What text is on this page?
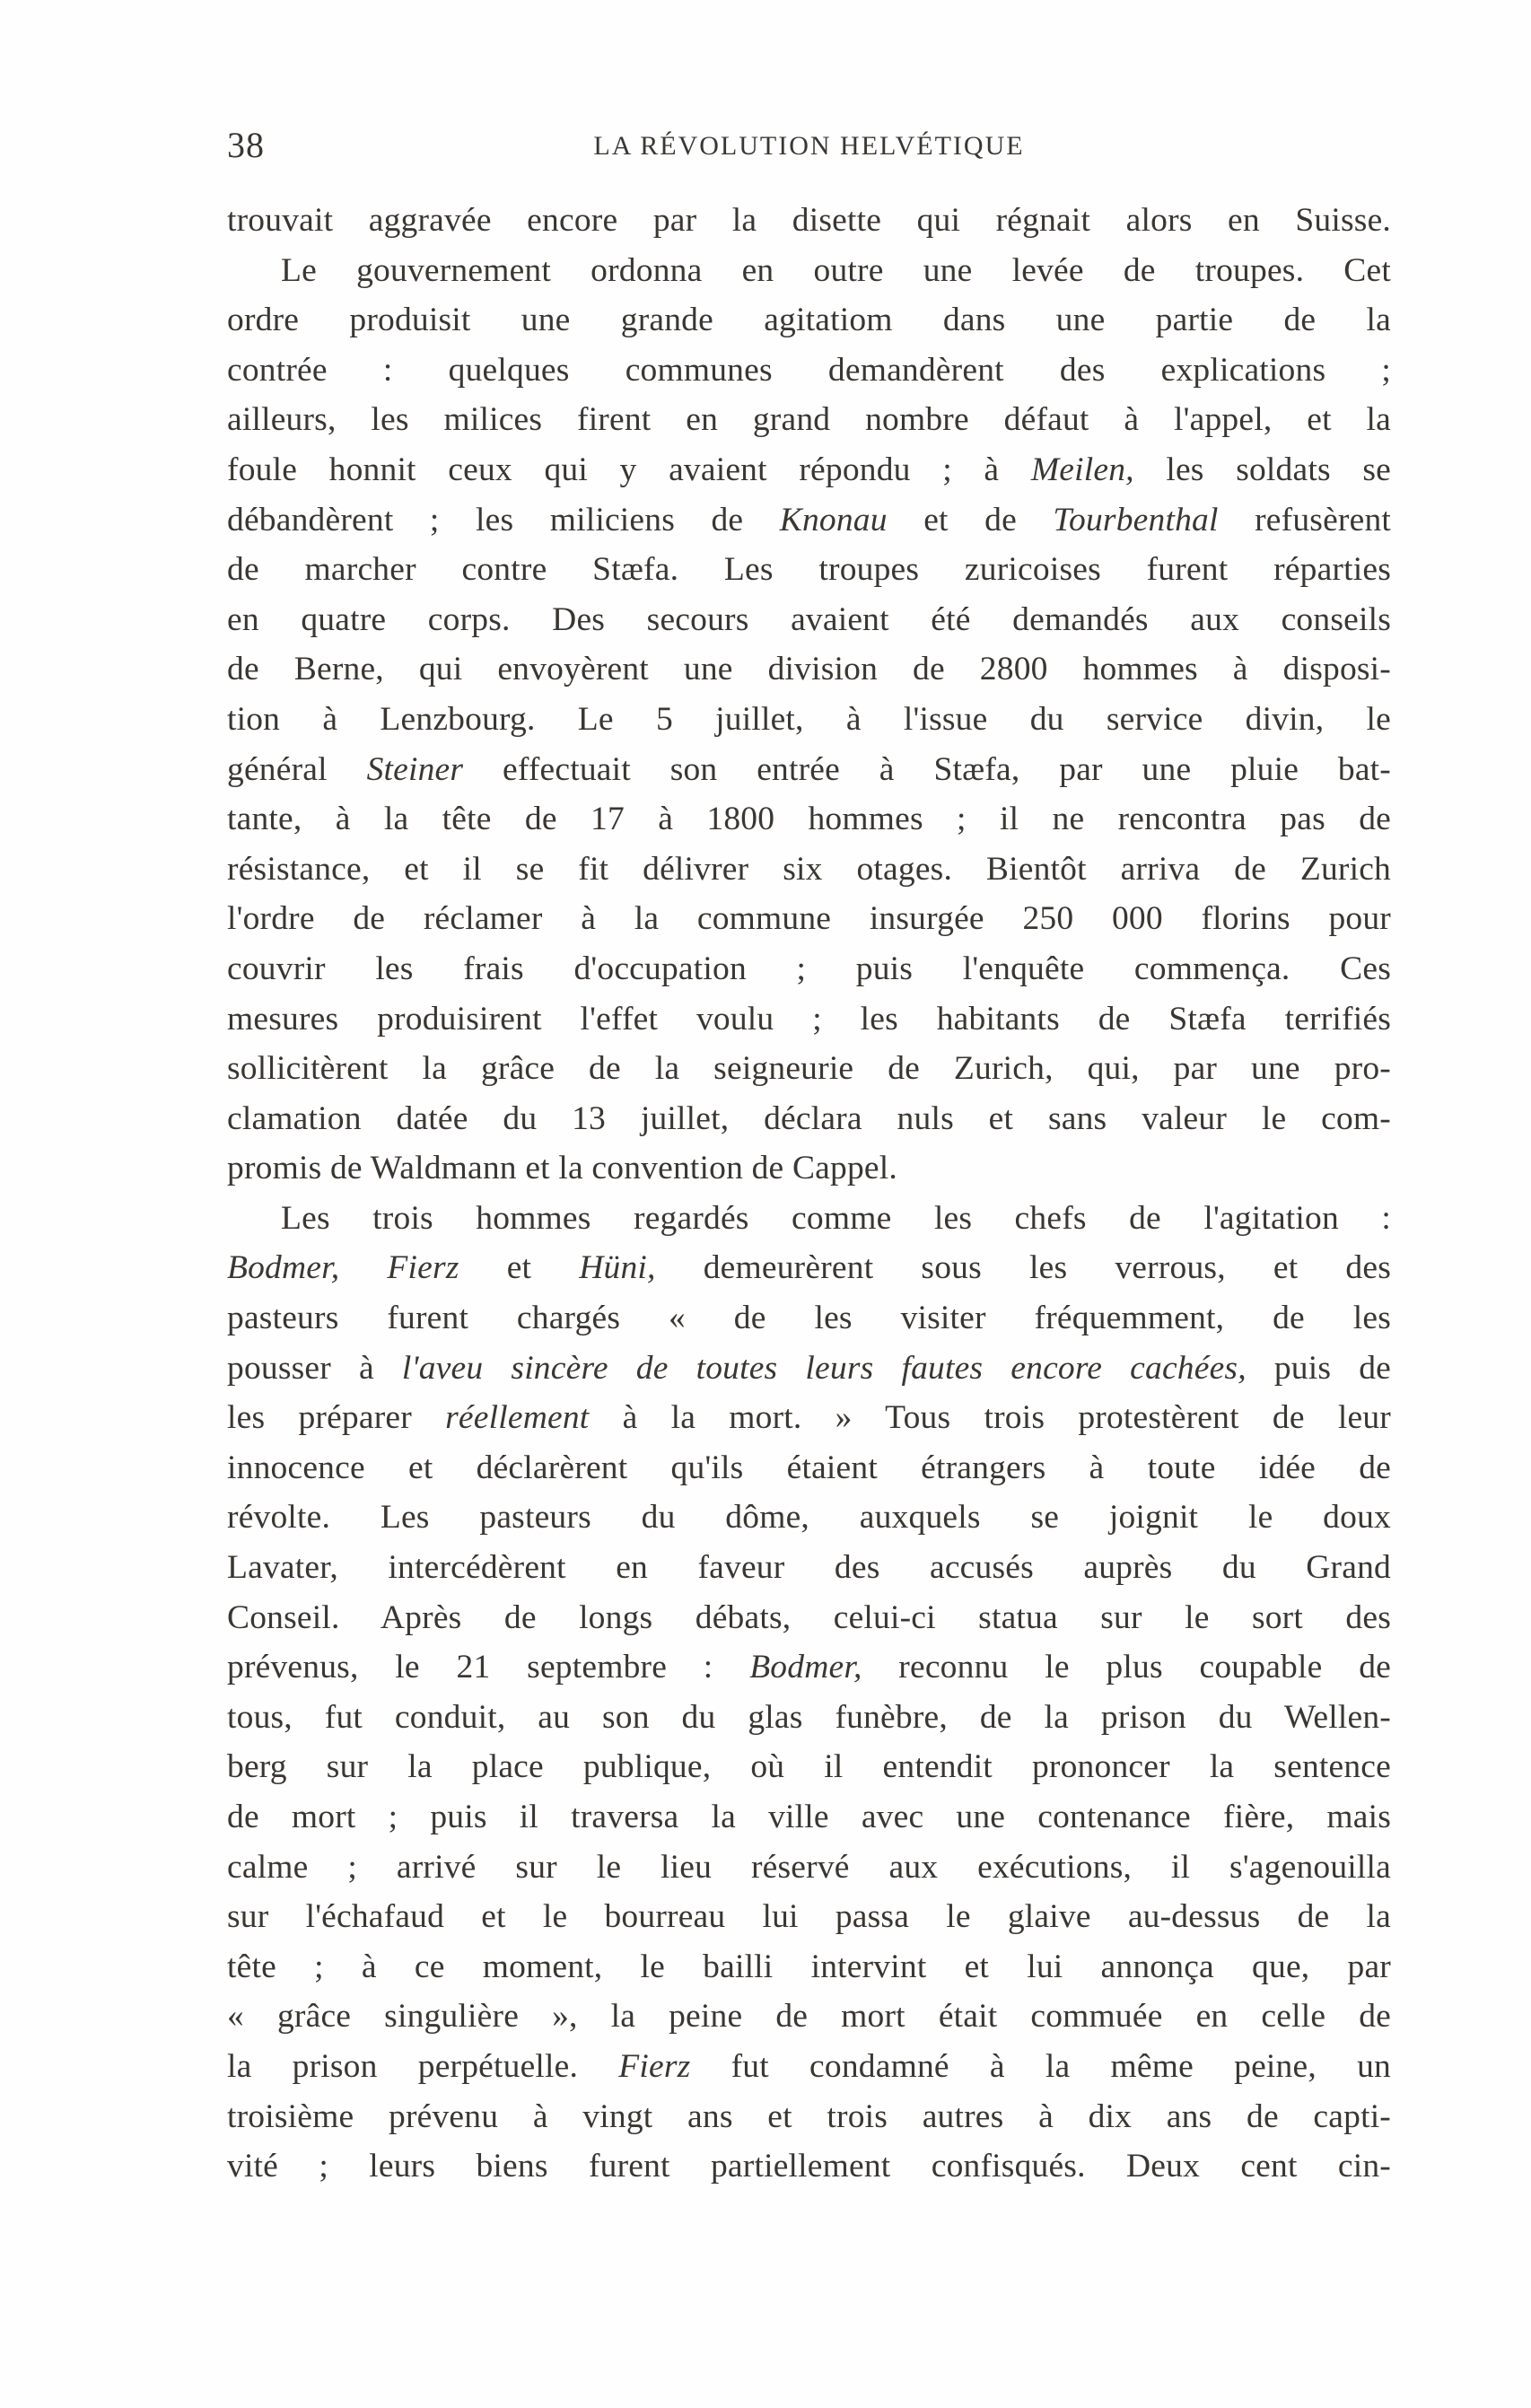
38	LA RÉVOLUTION HELVÉTIQUE
trouvait aggravée encore par la disette qui régnait alors en Suisse.
Le gouvernement ordonna en outre une levée de troupes. Cet
ordre produisit une grande agitatiom dans une partie de la
contrée : quelques communes demandèrent des explications ;
ailleurs, les milices firent en grand nombre défaut à l'appel, et la
foule honnit ceux qui y avaient répondu ; à Meilen, les soldats se
débandèrent ; les miliciens de Knonau et de Tourbenthal refusèrent
de marcher contre Stæfa. Les troupes zuricoises furent réparties
en quatre corps. Des secours avaient été demandés aux conseils
de Berne, qui envoyèrent une division de 2800 hommes à disposi-
tion à Lenzbourg. Le 5 juillet, à l'issue du service divin, le
général Steiner effectuait son entrée à Stæfa, par une pluie bat-
tante, à la tête de 17 à 1800 hommes ; il ne rencontra pas de
résistance, et il se fit délivrer six otages. Bientôt arriva de Zurich
l'ordre de réclamer à la commune insurgée 250 000 florins pour
couvrir les frais d'occupation ; puis l'enquête commença. Ces
mesures produisirent l'effet voulu ; les habitants de Stæfa terrifiés
sollicitèrent la grâce de la seigneurie de Zurich, qui, par une pro-
clamation datée du 13 juillet, déclara nuls et sans valeur le com-
promis de Waldmann et la convention de Cappel.
Les trois hommes regardés comme les chefs de l'agitation :
Bodmer, Fierz et Hüni, demeurèrent sous les verrous, et des
pasteurs furent chargés « de les visiter fréquemment, de les
pousser à l'aveu sincère de toutes leurs fautes encore cachées, puis de
les préparer réellement à la mort. » Tous trois protestèrent de leur
innocence et déclarèrent qu'ils étaient étrangers à toute idée de
révolte. Les pasteurs du dôme, auxquels se joignit le doux
Lavater, intercédèrent en faveur des accusés auprès du Grand
Conseil. Après de longs débats, celui-ci statua sur le sort des
prévenus, le 21 septembre : Bodmer, reconnu le plus coupable de
tous, fut conduit, au son du glas funèbre, de la prison du Wellen-
berg sur la place publique, où il entendit prononcer la sentence
de mort ; puis il traversa la ville avec une contenance fière, mais
calme ; arrivé sur le lieu réservé aux exécutions, il s'agenouilla
sur l'échafaud et le bourreau lui passa le glaive au-dessus de la
tête ; à ce moment, le bailli intervint et lui annonça que, par
« grâce singulière », la peine de mort était commuée en celle de
la prison perpétuelle. Fierz fut condamné à la même peine, un
troisième prévenu à vingt ans et trois autres à dix ans de capti-
vité ; leurs biens furent partiellement confisqués. Deux cent cin-
